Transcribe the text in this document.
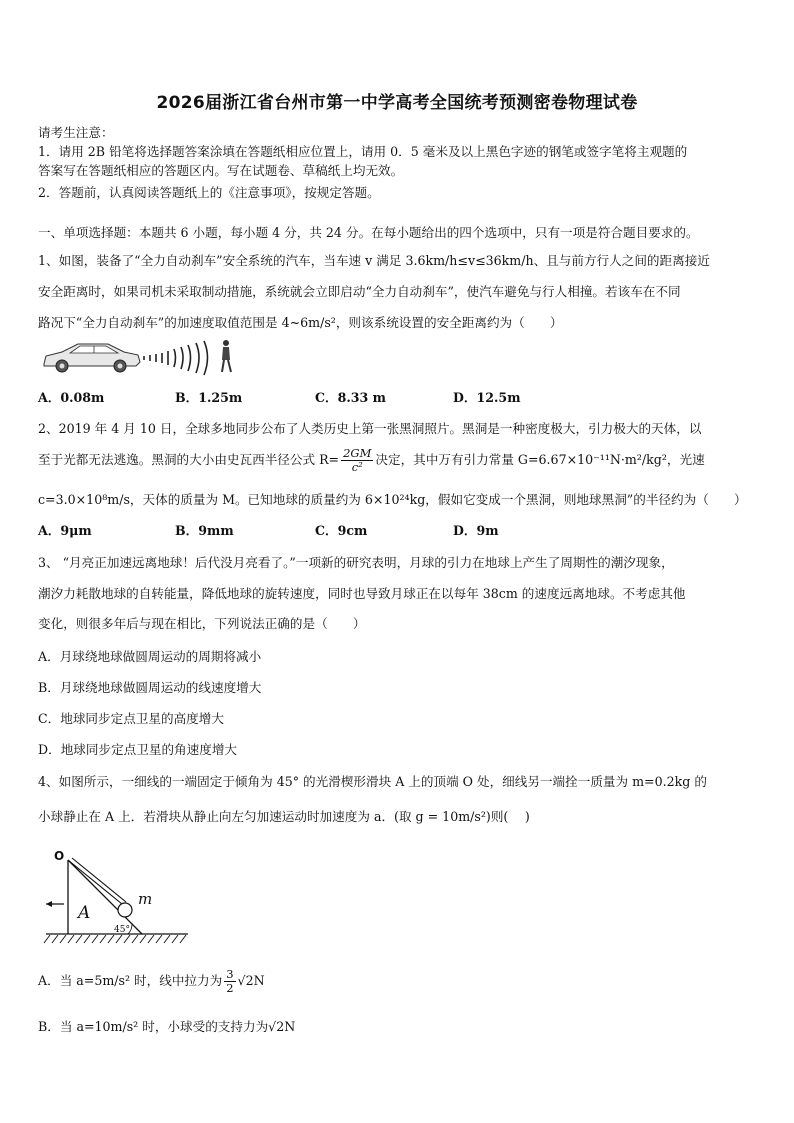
2026届浙江省台州市第一中学高考全国统考预测密卷物理试卷
请考生注意：
1．请用 2B 铅笔将选择题答案涂填在答题纸相应位置上，请用 0．5 毫米及以上黑色字迹的钢笔或签字笔将主观题的
答案写在答题纸相应的答题区内。写在试题卷、草稿纸上均无效。
2．答题前，认真阅读答题纸上的《注意事项》，按规定答题。
一、单项选择题：本题共 6 小题，每小题 4 分，共 24 分。在每小题给出的四个选项中，只有一项是符合题目要求的。
1、如图，装备了“全力自动刹车”安全系统的汽车，当车速 v 满足 3.6km/h≤v≤36km/h、且与前方行人之间的距离接近
安全距离时，如果司机未采取制动措施，系统就会立即启动“全力自动刹车”，使汽车避免与行人相撞。若该车在不同
路况下“全力自动刹车”的加速度取值范围是 4~6m/s²，则该系统设置的安全距离约为（　　）
A．0.08m	B．1.25m	C．8.33 m	D．12.5m
2、2019 年 4 月 10 日，全球多地同步公布了人类历史上第一张黑洞照片。黑洞是一种密度极大，引力极大的天体，以
至于光都无法逃逸。黑洞的大小由史瓦西半径公式 $R= \frac{2GM}{\text{c²}}$ 决定，其中万有引力常量 G=6.67×10⁻¹¹N·m²/kg²，光速
c=3.0×10⁸m/s，天体的质量为 M。已知地球的质量约为 6×10²⁴kg，假如它变成一个黑洞，则地球黑洞”的半径约为（　　）
A．9μm	B．9mm	C．9cm	D．9m
3、 “月亮正加速远离地球！后代没月亮看了。”一项新的研究表明，月球的引力在地球上产生了周期性的潮汐现象，
潮汐力耗散地球的自转能量，降低地球的旋转速度，同时也导致月球正在以每年 38cm 的速度远离地球。不考虑其他
变化，则很多年后与现在相比，下列说法正确的是（　　）
A．月球绕地球做圆周运动的周期将减小
B．月球绕地球做圆周运动的线速度增大
C．地球同步定点卫星的高度增大
D．地球同步定点卫星的角速度增大
4、如图所示，一细线的一端固定于倾角为 45° 的光滑楔形滑块 A 上的顶端 O 处，细线另一端拴一质量为 m=0.2kg 的
小球静止在 A 上．若滑块从静止向左匀加速运动时加速度为 a．(取 g = 10m/s²)则(　 )
O
m
A
45°
A．当 a=5m/s² 时，线中拉力为 $\frac{3}{2} √2N$
B．当 a=10m/s² 时，小球受的支持力为√2N
